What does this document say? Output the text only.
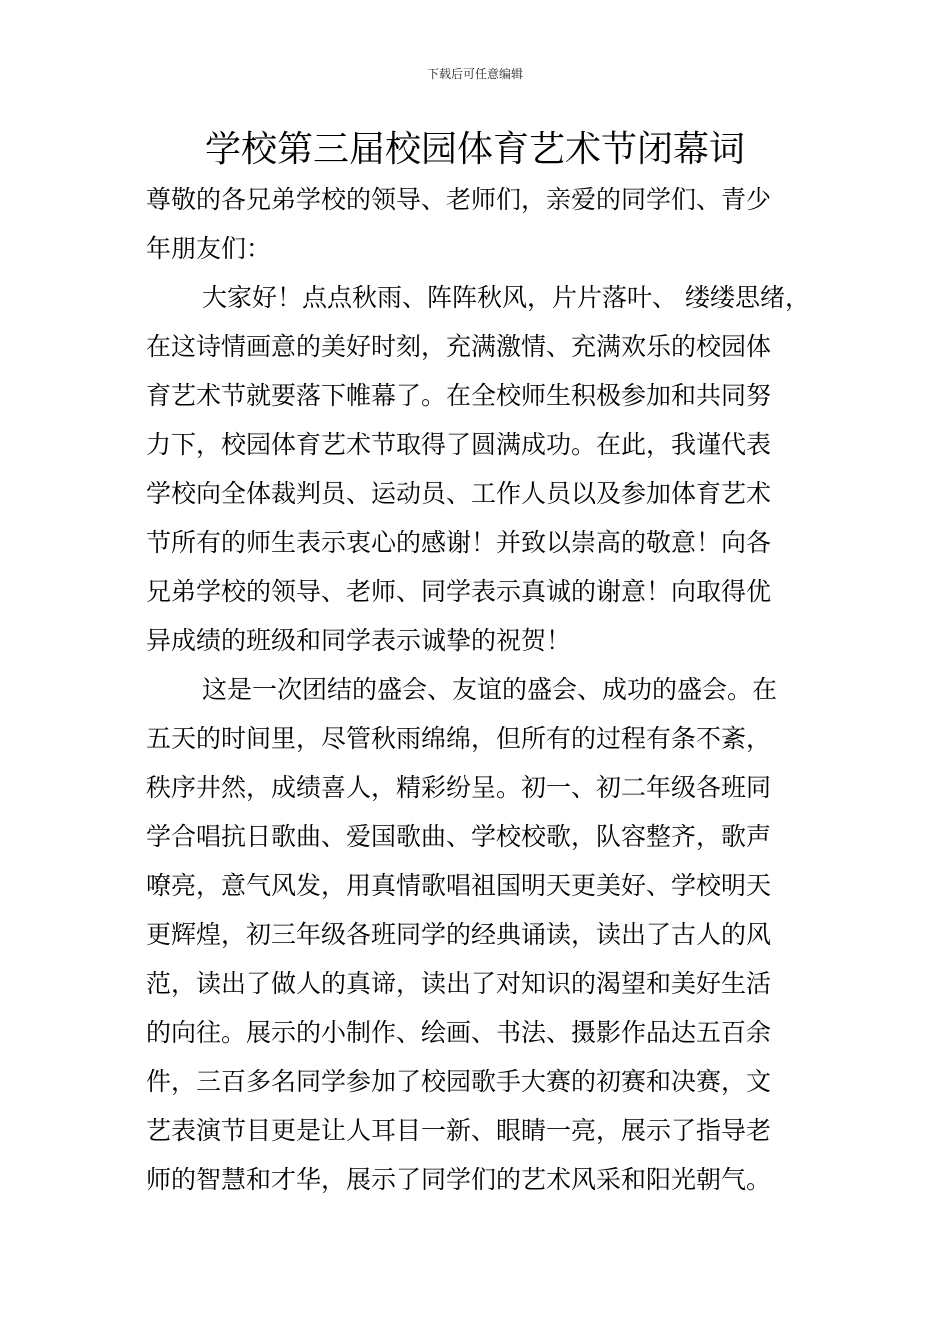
下载后可任意编辑
学校第三届校园体育艺术节闭幕词
尊敬的各兄弟学校的领导、老师们，亲爱的同学们、青少
年朋友们：
大家好！点点秋雨、阵阵秋风，片片落叶、 缕缕思绪，
在这诗情画意的美好时刻，充满激情、充满欢乐的校园体
育艺术节就要落下帷幕了。在全校师生积极参加和共同努
力下，校园体育艺术节取得了圆满成功。在此，我谨代表
学校向全体裁判员、运动员、工作人员以及参加体育艺术
节所有的师生表示衷心的感谢！并致以崇高的敬意！向各
兄弟学校的领导、老师、同学表示真诚的谢意！向取得优
异成绩的班级和同学表示诚挚的祝贺！
这是一次团结的盛会、友谊的盛会、成功的盛会。在
五天的时间里，尽管秋雨绵绵，但所有的过程有条不紊，
秩序井然，成绩喜人，精彩纷呈。初一、初二年级各班同
学合唱抗日歌曲、爱国歌曲、学校校歌，队容整齐，歌声
嘹亮，意气风发，用真情歌唱祖国明天更美好、学校明天
更辉煌，初三年级各班同学的经典诵读，读出了古人的风
范，读出了做人的真谛，读出了对知识的渴望和美好生活
的向往。展示的小制作、绘画、书法、摄影作品达五百余
件，三百多名同学参加了校园歌手大赛的初赛和决赛，文
艺表演节目更是让人耳目一新、眼睛一亮，展示了指导老
师的智慧和才华，展示了同学们的艺术风采和阳光朝气。
